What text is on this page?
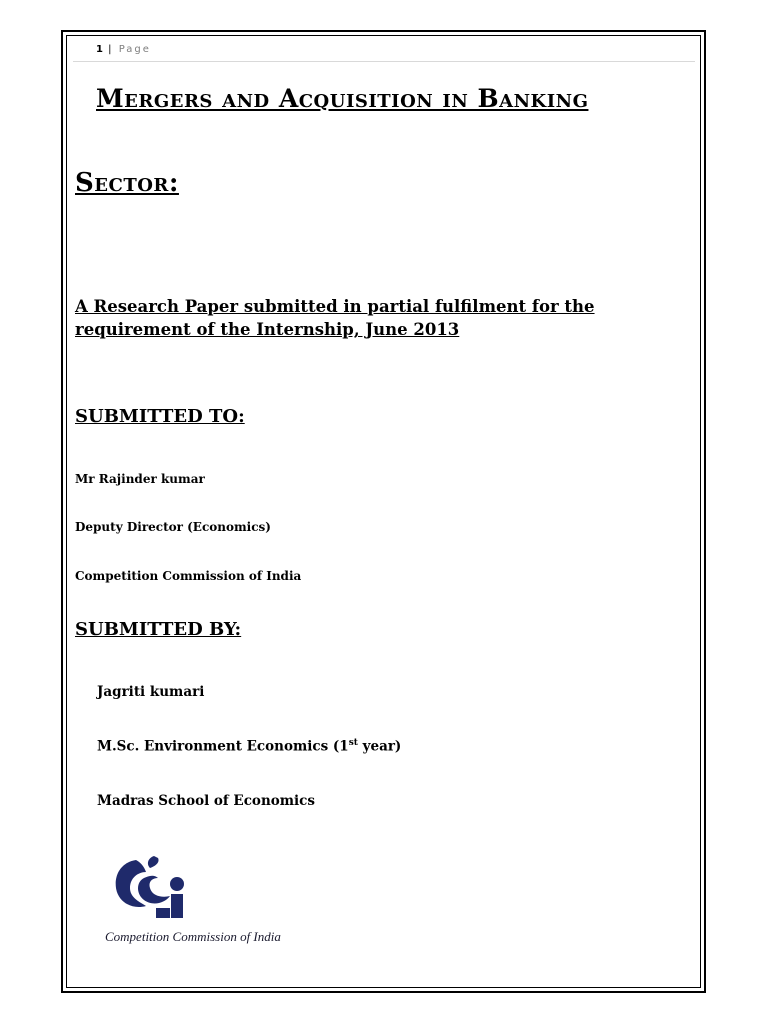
1 | Page
Mergers and Acquisition in Banking
Sector:
A Research Paper submitted in partial fulfilment for the requirement of the Internship, June 2013
SUBMITTED TO:
Mr Rajinder kumar
Deputy Director (Economics)
Competition Commission of India
SUBMITTED BY:
Jagriti kumari
M.Sc. Environment Economics (1st year)
Madras School of Economics
Competition Commission of India
